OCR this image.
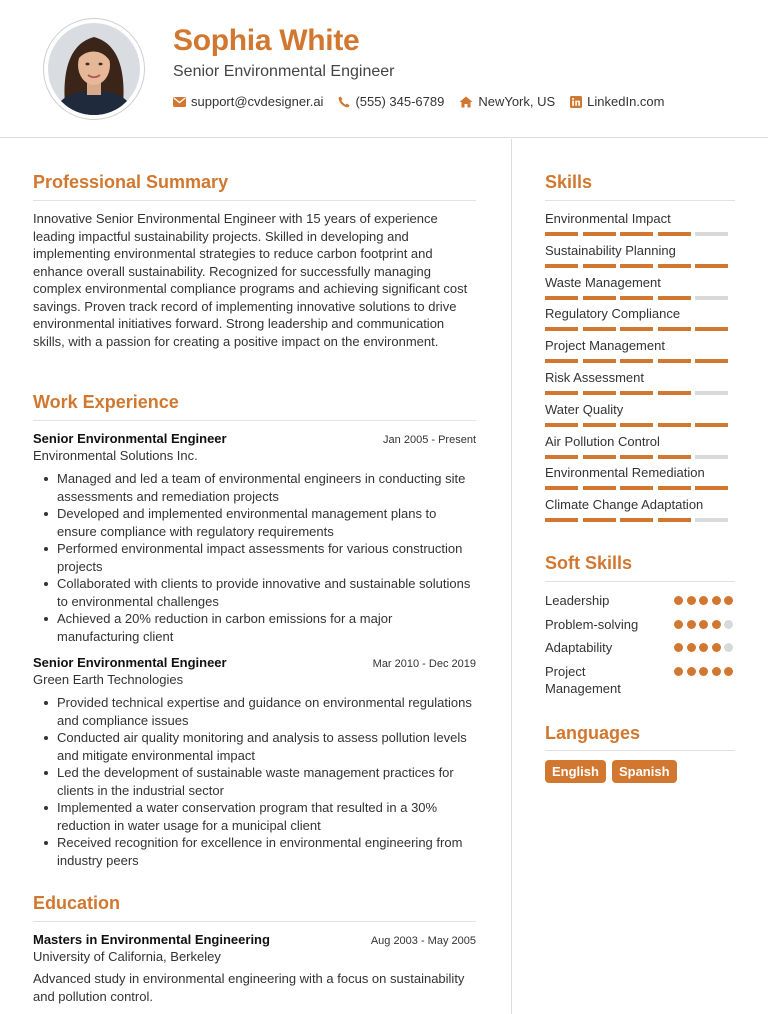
Sophia White
Senior Environmental Engineer
support@cvdesigner.ai (555) 345-6789	NewYork, US LinkedIn.com
Professional Summary
Innovative Senior Environmental Engineer with 15 years of experience leading impactful sustainability projects. Skilled in developing and implementing environmental strategies to reduce carbon footprint and enhance overall sustainability. Recognized for successfully managing complex environmental compliance programs and achieving significant cost savings. Proven track record of implementing innovative solutions to drive environmental initiatives forward. Strong leadership and communication skills, with a passion for creating a positive impact on the environment.
Work Experience
Senior Environmental Engineer	Jan 2005 - Present
Environmental Solutions Inc.
Managed and led a team of environmental engineers in conducting site assessments and remediation projects
Developed and implemented environmental management plans to ensure compliance with regulatory requirements
Performed environmental impact assessments for various construction projects
Collaborated with clients to provide innovative and sustainable solutions to environmental challenges
Achieved a 20% reduction in carbon emissions for a major manufacturing client
Senior Environmental Engineer	Mar 2010 - Dec 2019
Green Earth Technologies
Provided technical expertise and guidance on environmental regulations and compliance issues
Conducted air quality monitoring and analysis to assess pollution levels and mitigate environmental impact
Led the development of sustainable waste management practices for clients in the industrial sector
Implemented a water conservation program that resulted in a 30% reduction in water usage for a municipal client
Received recognition for excellence in environmental engineering from industry peers
Education
Masters in Environmental Engineering	Aug 2003 - May 2005
University of California, Berkeley
Advanced study in environmental engineering with a focus on sustainability and pollution control.
Skills
Environmental Impact
Sustainability Planning
Waste Management
Regulatory Compliance
Project Management
Risk Assessment
Water Quality
Air Pollution Control
Environmental Remediation
Climate Change Adaptation
Soft Skills
Leadership
Problem-solving
Adaptability
Project Management
Languages
English	Spanish
